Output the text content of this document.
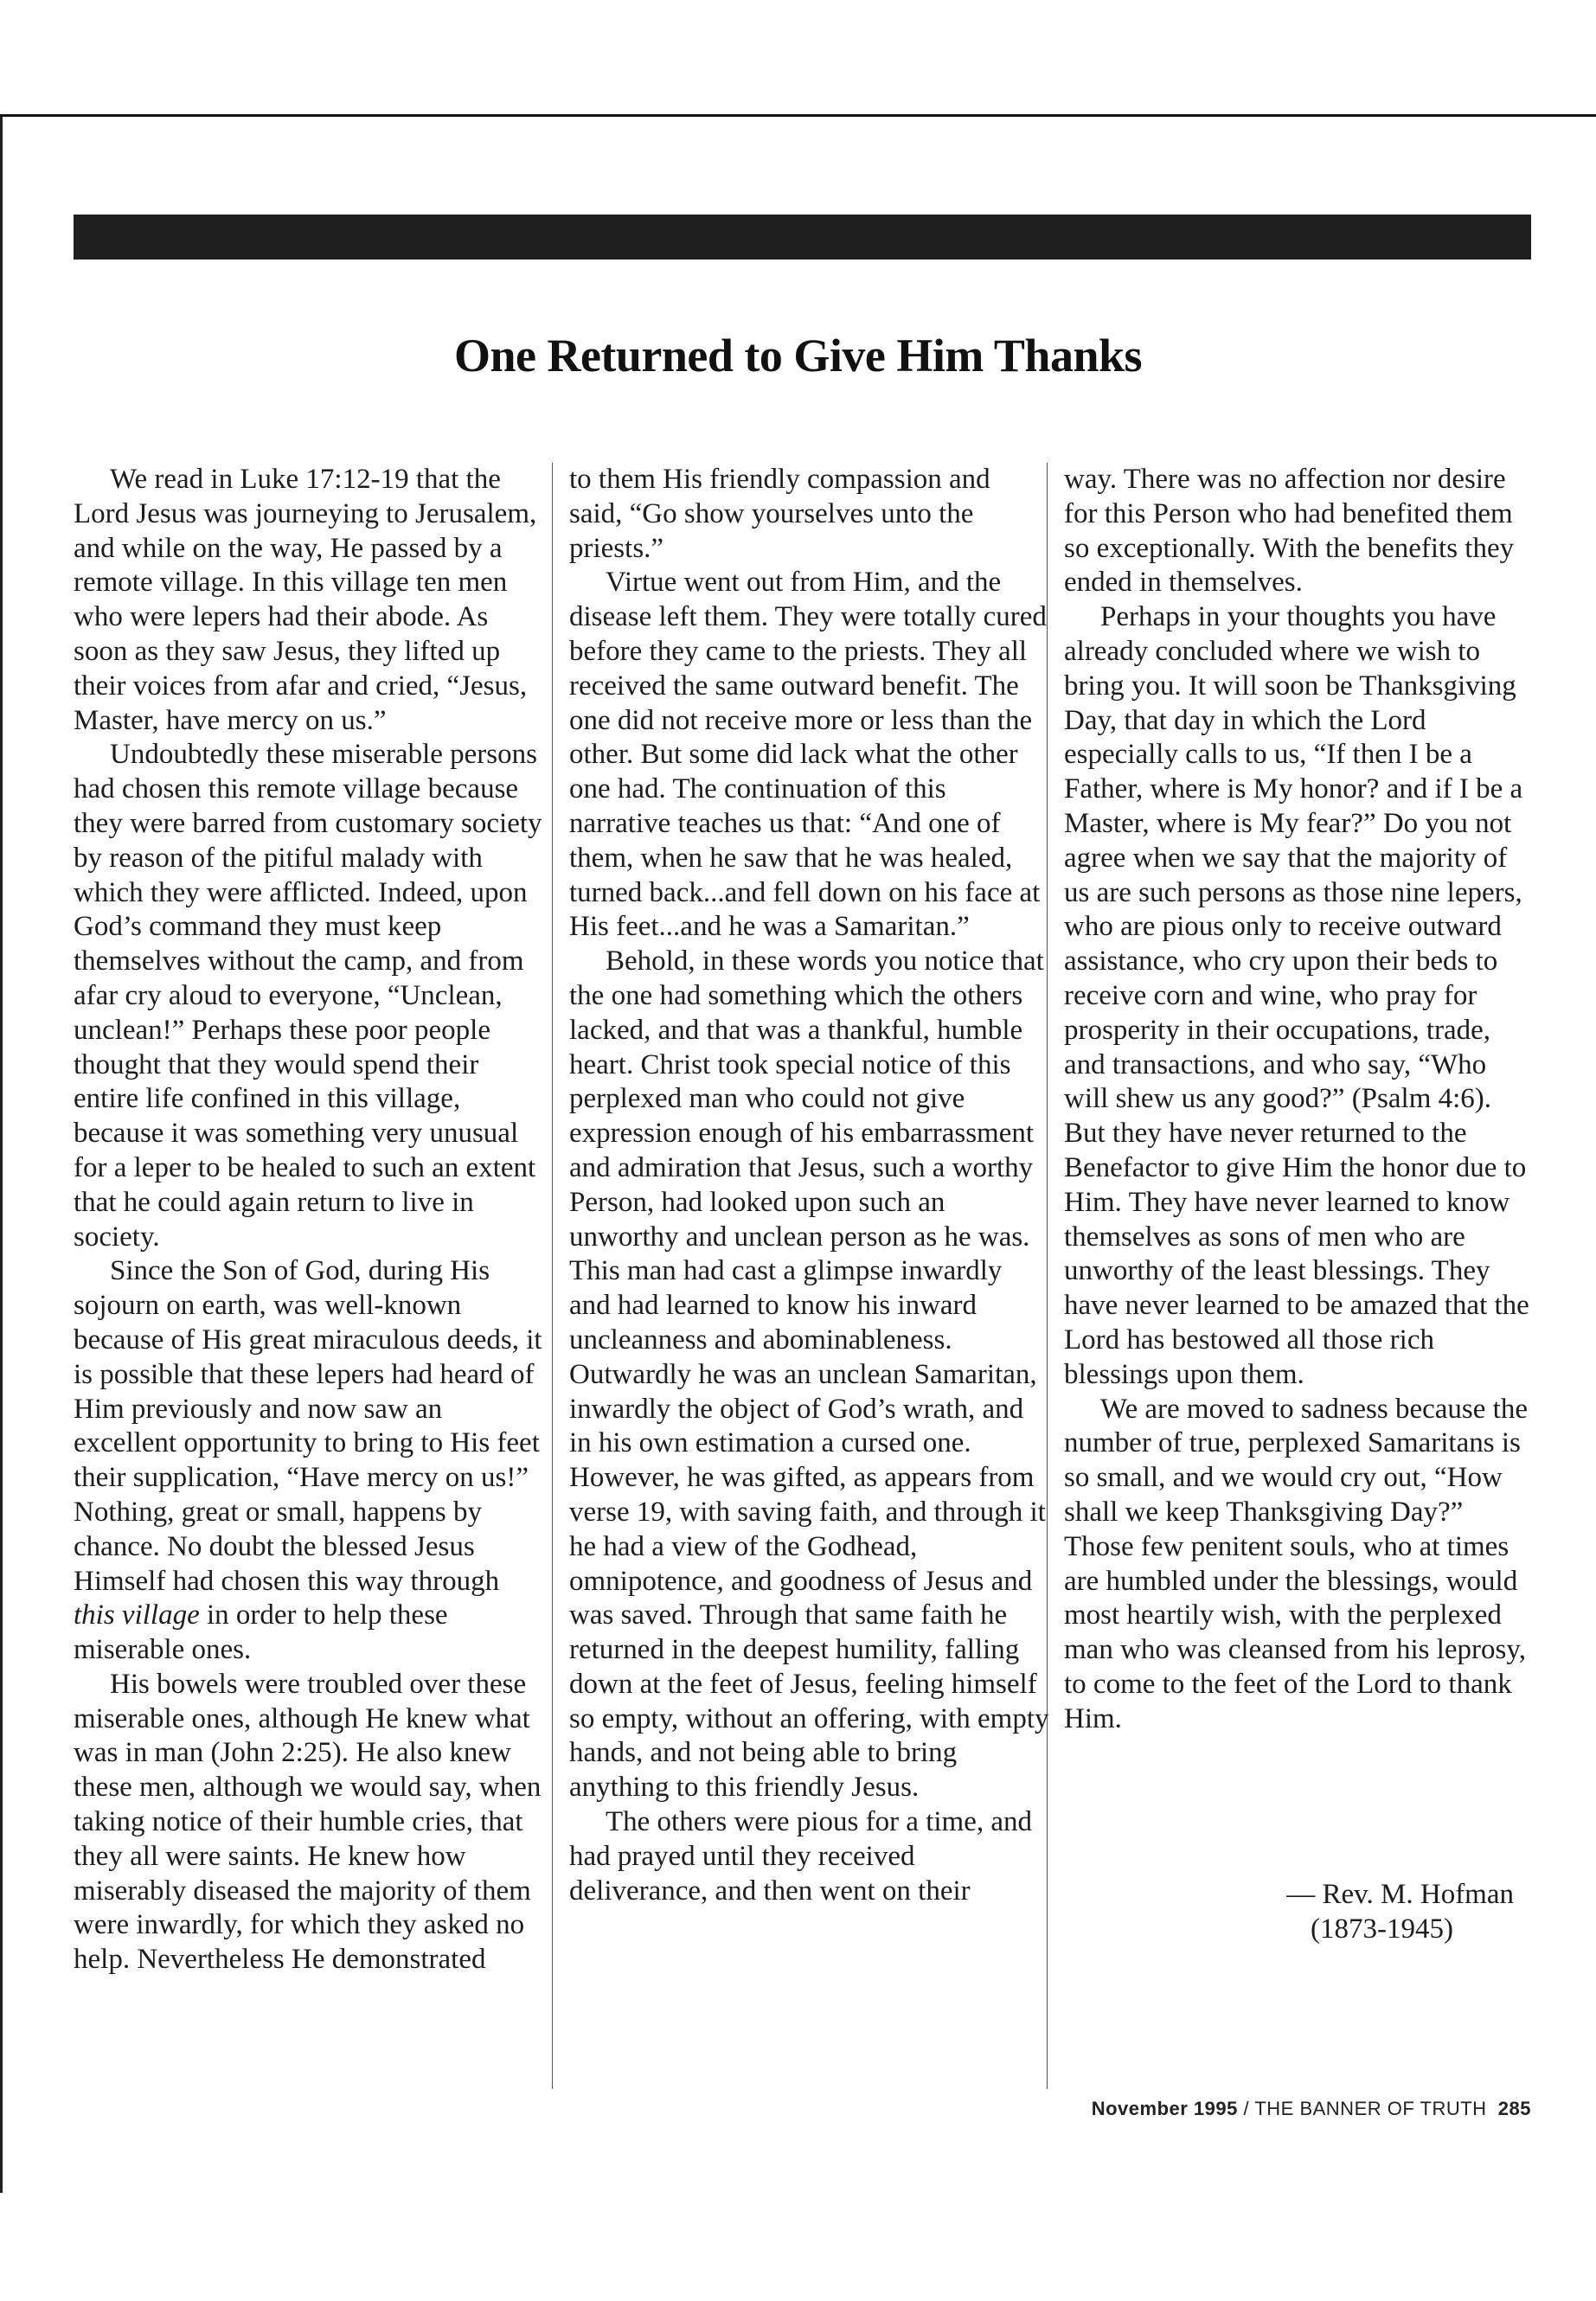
One Returned to Give Him Thanks

We read in Luke 17:12-19 that the Lord Jesus was journeying to Jerusalem, and while on the way, He passed by a remote village. In this village ten men who were lepers had their abode. As soon as they saw Jesus, they lifted up their voices from afar and cried, “Jesus, Master, have mercy on us.”

Undoubtedly these miserable persons had chosen this remote village because they were barred from customary society by reason of the pitiful malady with which they were afflicted. Indeed, upon God’s command they must keep themselves without the camp, and from afar cry aloud to everyone, “Unclean, unclean!” Perhaps these poor people thought that they would spend their entire life confined in this village, because it was something very unusual for a leper to be healed to such an extent that he could again return to live in society.

Since the Son of God, during His sojourn on earth, was well-known because of His great miraculous deeds, it is possible that these lepers had heard of Him previously and now saw an excellent opportunity to bring to His feet their supplication, “Have mercy on us!” Nothing, great or small, happens by chance. No doubt the blessed Jesus Himself had chosen this way through this village in order to help these miserable ones.

His bowels were troubled over these miserable ones, although He knew what was in man (John 2:25). He also knew these men, although we would say, when taking notice of their humble cries, that they all were saints. He knew how miserably diseased the majority of them were inwardly, for which they asked no help. Nevertheless He demonstrated

to them His friendly compassion and said, “Go show yourselves unto the priests.”

Virtue went out from Him, and the disease left them. They were totally cured before they came to the priests. They all received the same outward benefit. The one did not receive more or less than the other. But some did lack what the other one had. The continuation of this narrative teaches us that: “And one of them, when he saw that he was healed, turned back...and fell down on his face at His feet...and he was a Samaritan.”

Behold, in these words you notice that the one had something which the others lacked, and that was a thankful, humble heart. Christ took special notice of this perplexed man who could not give expression enough of his embarrassment and admiration that Jesus, such a worthy Person, had looked upon such an unworthy and unclean person as he was. This man had cast a glimpse inwardly and had learned to know his inward uncleanness and abominableness. Outwardly he was an unclean Samaritan, inwardly the object of God’s wrath, and in his own estimation a cursed one. However, he was gifted, as appears from verse 19, with saving faith, and through it he had a view of the Godhead, omnipotence, and goodness of Jesus and was saved. Through that same faith he returned in the deepest humility, falling down at the feet of Jesus, feeling himself so empty, without an offering, with empty hands, and not being able to bring anything to this friendly Jesus.

The others were pious for a time, and had prayed until they received deliverance, and then went on their

way. There was no affection nor desire for this Person who had benefited them so exceptionally. With the benefits they ended in themselves.

Perhaps in your thoughts you have already concluded where we wish to bring you. It will soon be Thanksgiving Day, that day in which the Lord especially calls to us, “If then I be a Father, where is My honor? and if I be a Master, where is My fear?” Do you not agree when we say that the majority of us are such persons as those nine lepers, who are pious only to receive outward assistance, who cry upon their beds to receive corn and wine, who pray for prosperity in their occupations, trade, and transactions, and who say, “Who will shew us any good?” (Psalm 4:6). But they have never returned to the Benefactor to give Him the honor due to Him. They have never learned to know themselves as sons of men who are unworthy of the least blessings. They have never learned to be amazed that the Lord has bestowed all those rich blessings upon them.

We are moved to sadness because the number of true, perplexed Samaritans is so small, and we would cry out, “How shall we keep Thanksgiving Day?” Those few penitent souls, who at times are humbled under the blessings, would most heartily wish, with the perplexed man who was cleansed from his leprosy, to come to the feet of the Lord to thank Him.

— Rev. M. Hofman
(1873-1945)
November 1995 / THE BANNER OF TRUTH 285
